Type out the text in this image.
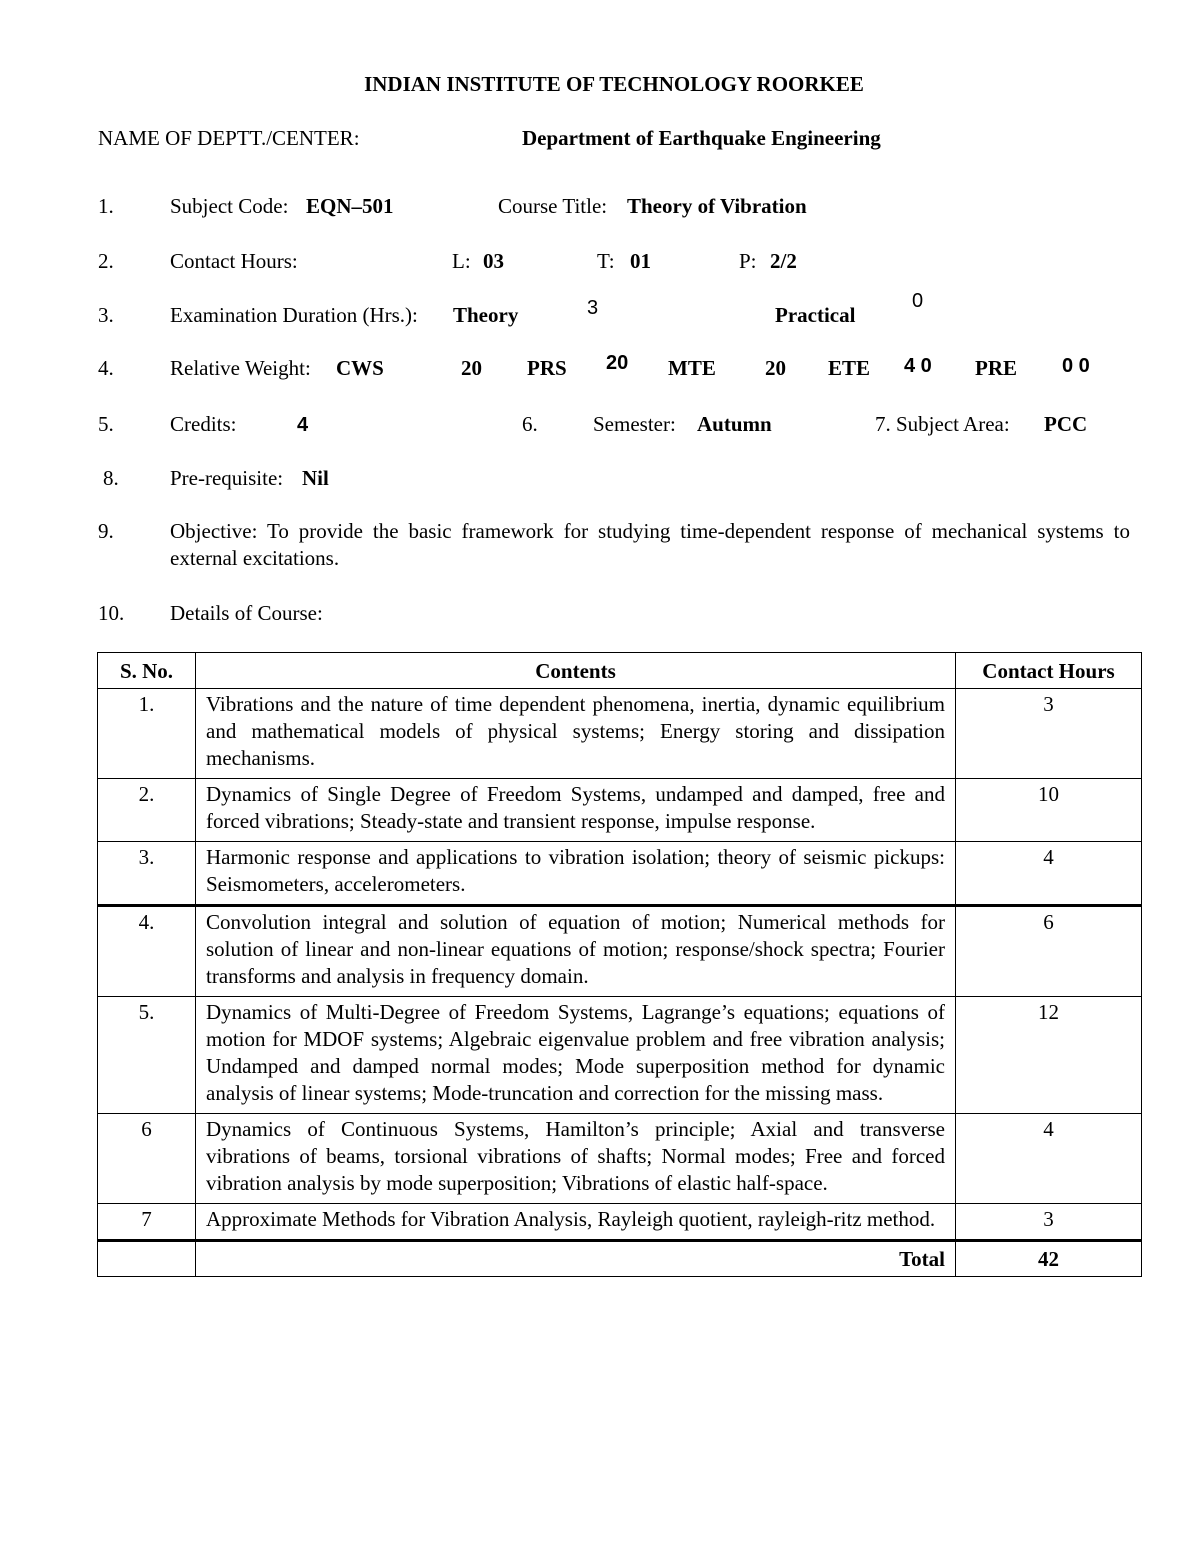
INDIAN INSTITUTE OF TECHNOLOGY ROORKEE
NAME OF DEPTT./CENTER:	Department of Earthquake Engineering
1.	Subject Code: EQN–501	Course Title: Theory of Vibration
2.	Contact Hours:	L: 03	T: 01	P: 2/2
3.	Examination Duration (Hrs.): Theory	3	Practical
0
4.	Relative Weight: CWS	20 PRS 20 MTE 20 ETE 4 0 PRE 0 0
5.	Credits:	4	6.	Semester: Autumn	7. Subject Area: PCC
8. Pre-requisite: Nil
9.	Objective: To provide the basic framework for studying time-dependent response of mechanical systems to external excitations.
10. Details of Course:
S. No.	Contents	Contact Hours
1.	Vibrations and the nature of time dependent phenomena, inertia, dynamic equilibrium and mathematical models of physical systems; Energy storing and dissipation mechanisms.	3
2.	Dynamics of Single Degree of Freedom Systems, undamped and damped, free and forced vibrations; Steady-state and transient response, impulse response.	10
3.	Harmonic response and applications to vibration isolation; theory of seismic pickups: Seismometers, accelerometers.	4
4.	Convolution integral and solution of equation of motion; Numerical methods for solution of linear and non-linear equations of motion; response/shock spectra; Fourier transforms and analysis in frequency domain.	6
5.	Dynamics of Multi-Degree of Freedom Systems, Lagrange’s equations; equations of motion for MDOF systems; Algebraic eigenvalue problem and free vibration analysis; Undamped and damped normal modes; Mode superposition method for dynamic analysis of linear systems; Mode-truncation and correction for the missing mass.	12
6	Dynamics of Continuous Systems, Hamilton’s principle; Axial and transverse vibrations of beams, torsional vibrations of shafts; Normal modes; Free and forced vibration analysis by mode superposition; Vibrations of elastic half-space.	4
7	Approximate Methods for Vibration Analysis, Rayleigh quotient, rayleigh-ritz method.	3
	Total	42
